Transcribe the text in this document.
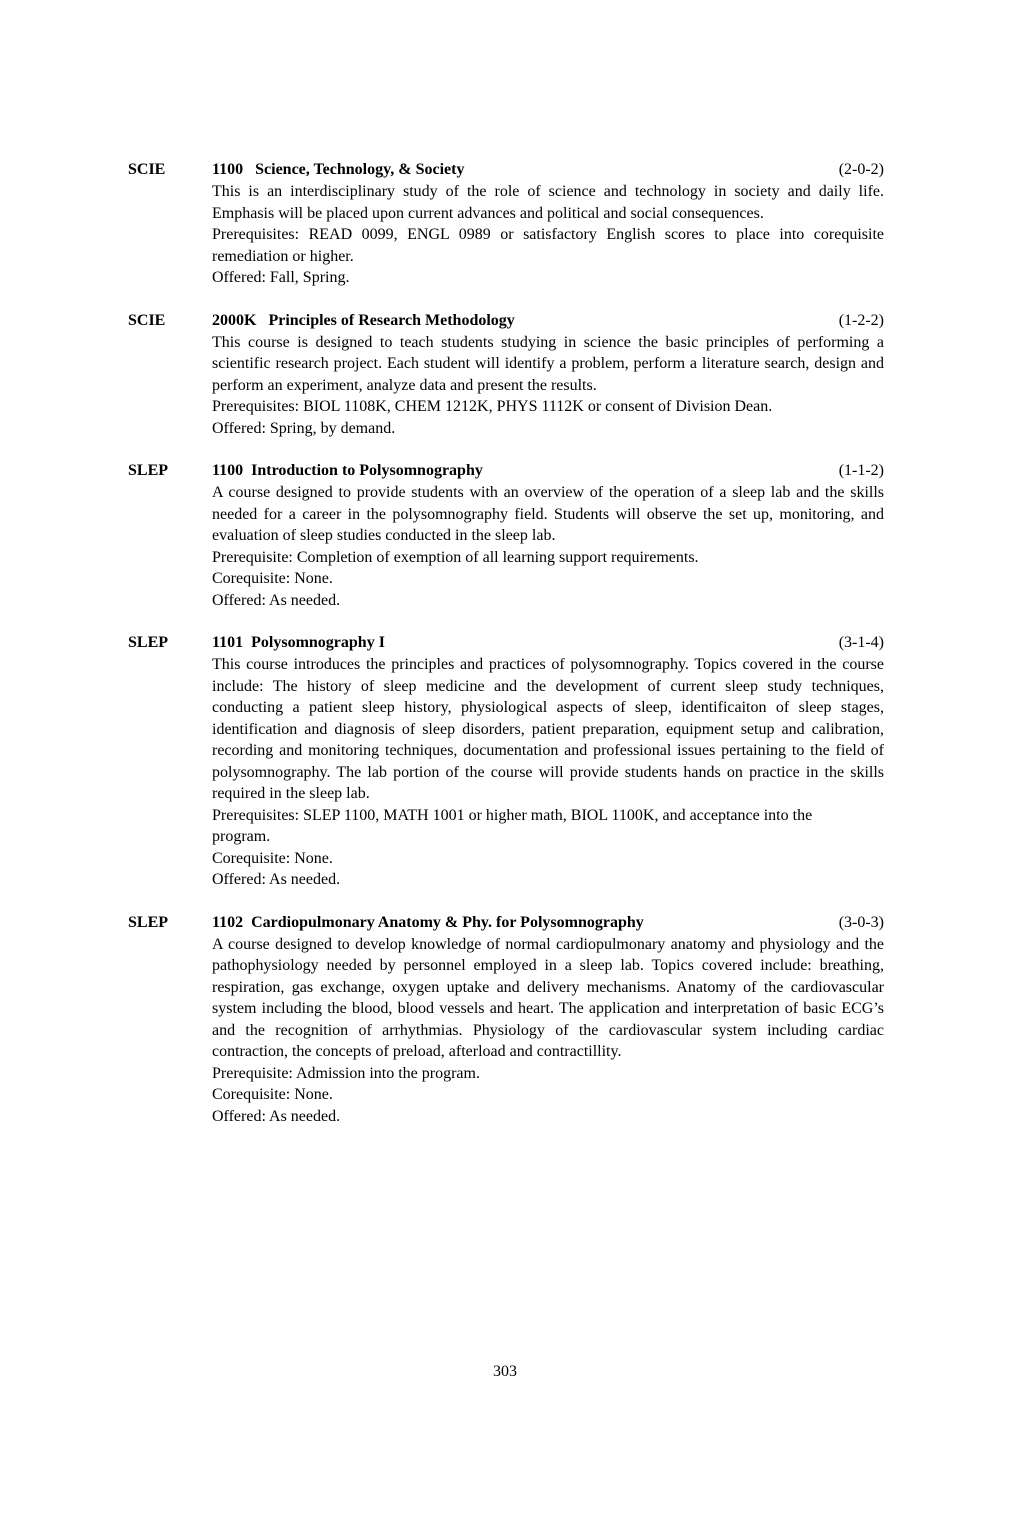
SCIE	1100   Science, Technology, & Society	(2-0-2)

This is an interdisciplinary study of the role of science and technology in society and daily life. Emphasis will be placed upon current advances and political and social consequences.

Prerequisites: READ 0099, ENGL 0989 or satisfactory English scores to place into corequisite remediation or higher.

Offered: Fall, Spring.

SCIE	2000K   Principles of Research Methodology	(1-2-2)

This course is designed to teach students studying in science the basic principles of performing a scientific research project. Each student will identify a problem, perform a literature search, design and perform an experiment, analyze data and present the results.

Prerequisites: BIOL 1108K, CHEM 1212K, PHYS 1112K or consent of Division Dean.

Offered: Spring, by demand.

SLEP	1100  Introduction to Polysomnography	(1-1-2)

A course designed to provide students with an overview of the operation of a sleep lab and the skills needed for a career in the polysomnography field. Students will observe the set up, monitoring, and evaluation of sleep studies conducted in the sleep lab.

Prerequisite: Completion of exemption of all learning support requirements.

Corequisite: None.

Offered: As needed.

SLEP	1101  Polysomnography I	(3-1-4)

This course introduces the principles and practices of polysomnography. Topics covered in the course include: The history of sleep medicine and the development of current sleep study techniques, conducting a patient sleep history, physiological aspects of sleep, identificaiton of sleep stages, identification and diagnosis of sleep disorders, patient preparation, equipment setup and calibration, recording and monitoring techniques, documentation and professional issues pertaining to the field of polysomnography. The lab portion of the course will provide students hands on practice in the skills required in the sleep lab.

Prerequisites: SLEP 1100, MATH 1001 or higher math, BIOL 1100K, and acceptance into the program.

Corequisite: None.

Offered: As needed.

SLEP	1102  Cardiopulmonary Anatomy & Phy. for Polysomnography	(3-0-3)

A course designed to develop knowledge of normal cardiopulmonary anatomy and physiology and the pathophysiology needed by personnel employed in a sleep lab. Topics covered include: breathing, respiration, gas exchange, oxygen uptake and delivery mechanisms. Anatomy of the cardiovascular system including the blood, blood vessels and heart. The application and interpretation of basic ECG’s and the recognition of arrhythmias. Physiology of the cardiovascular system including cardiac contraction, the concepts of preload, afterload and contractillity.

Prerequisite: Admission into the program.

Corequisite: None.

Offered: As needed.

303
